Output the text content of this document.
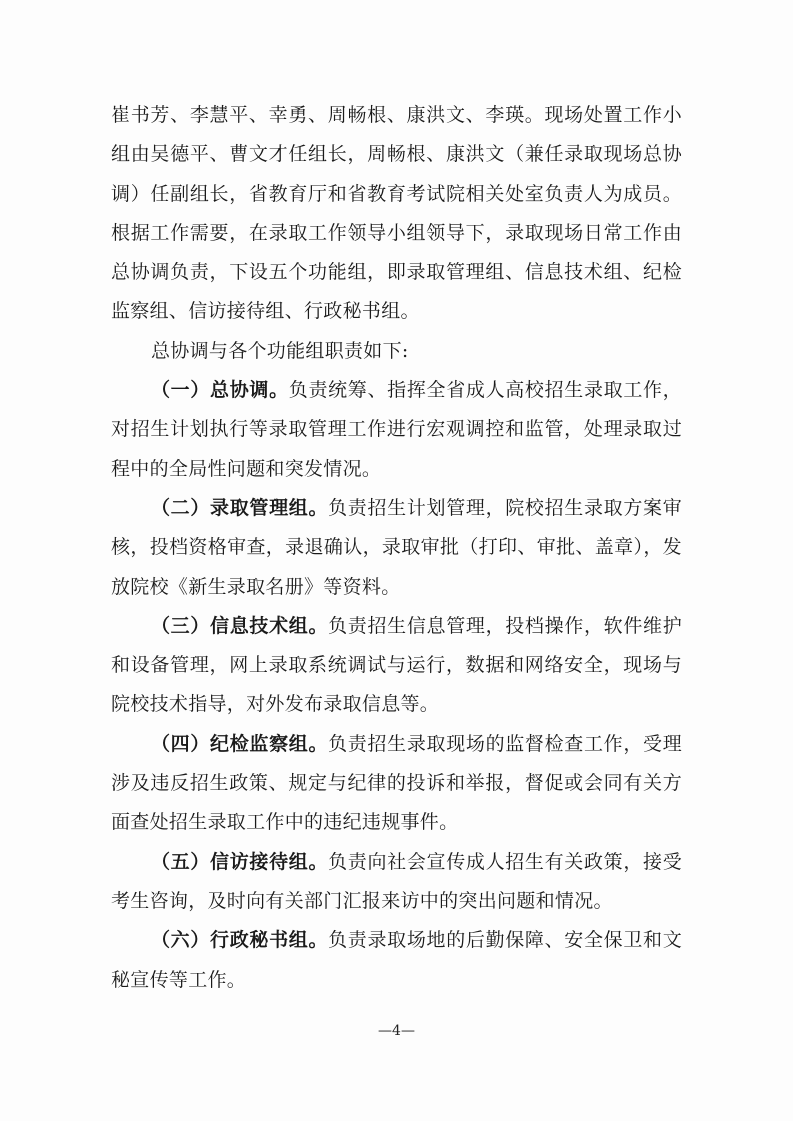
崔书芳、李慧平、幸勇、周畅根、康洪文、李瑛。现场处置工作小组由吴德平、曹文才任组长，周畅根、康洪文（兼任录取现场总协调）任副组长，省教育厅和省教育考试院相关处室负责人为成员。根据工作需要，在录取工作领导小组领导下，录取现场日常工作由总协调负责，下设五个功能组，即录取管理组、信息技术组、纪检监察组、信访接待组、行政秘书组。

总协调与各个功能组职责如下:

（一）总协调。负责统筹、指挥全省成人高校招生录取工作，对招生计划执行等录取管理工作进行宏观调控和监管，处理录取过程中的全局性问题和突发情况。

（二）录取管理组。负责招生计划管理，院校招生录取方案审核，投档资格审查，录退确认，录取审批（打印、审批、盖章），发放院校《新生录取名册》等资料。

（三）信息技术组。负责招生信息管理，投档操作，软件维护和设备管理，网上录取系统调试与运行，数据和网络安全，现场与院校技术指导，对外发布录取信息等。

（四）纪检监察组。负责招生录取现场的监督检查工作，受理涉及违反招生政策、规定与纪律的投诉和举报，督促或会同有关方面查处招生录取工作中的违纪违规事件。

（五）信访接待组。负责向社会宣传成人招生有关政策，接受考生咨询，及时向有关部门汇报来访中的突出问题和情况。

（六）行政秘书组。负责录取场地的后勤保障、安全保卫和文秘宣传等工作。

—4—
